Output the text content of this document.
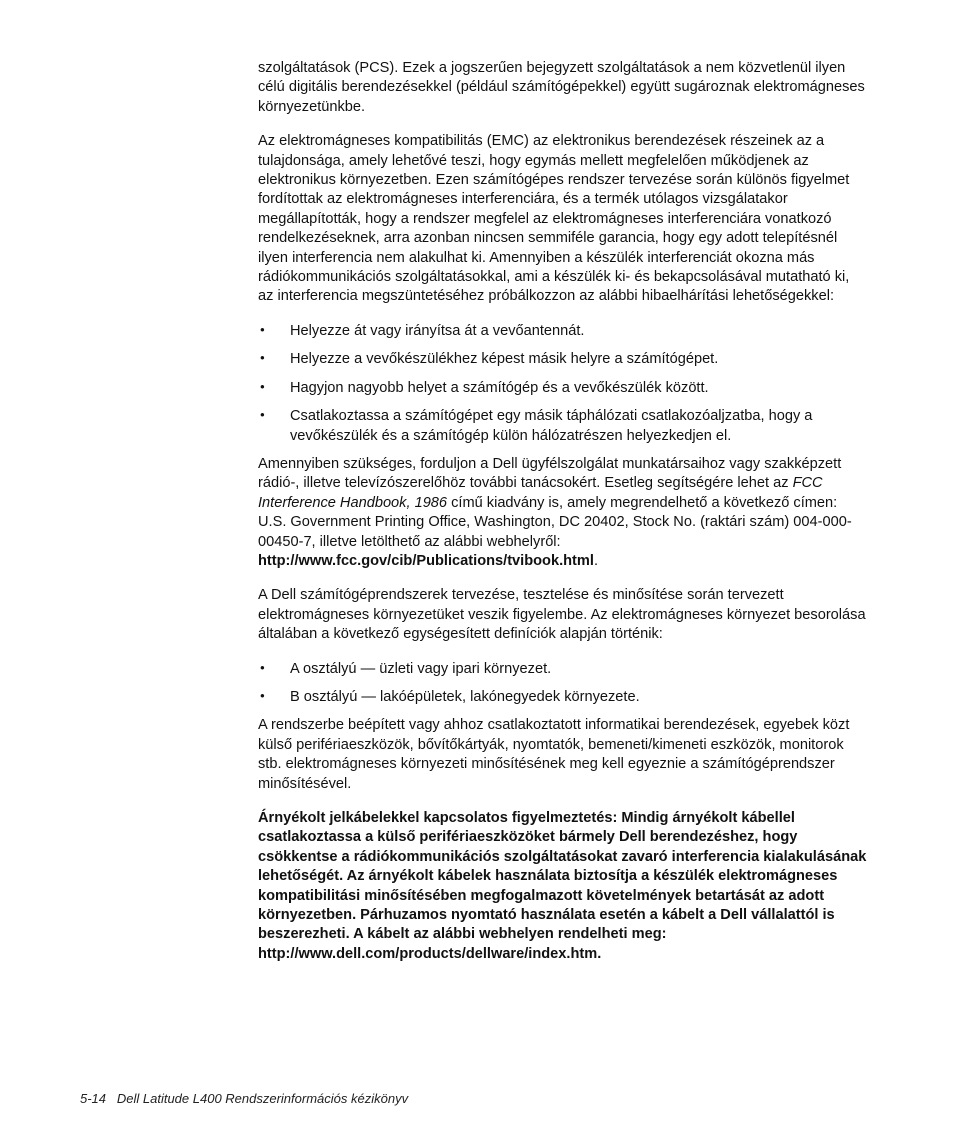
szolgáltatások (PCS). Ezek a jogszerűen bejegyzett szolgáltatások a nem közvetlenül ilyen célú digitális berendezésekkel (például számítógépekkel) együtt sugároznak elektromágneses környezetünkbe.

Az elektromágneses kompatibilitás (EMC) az elektronikus berendezések részeinek az a tulajdonsága, amely lehetővé teszi, hogy egymás mellett megfelelően működjenek az elektronikus környezetben. Ezen számítógépes rendszer tervezése során különös figyelmet fordítottak az elektromágneses interferenciára, és a termék utólagos vizsgálatakor megállapították, hogy a rendszer megfelel az elektromágneses interferenciára vonatkozó rendelkezéseknek, arra azonban nincsen semmiféle garancia, hogy egy adott telepítésnél ilyen interferencia nem alakulhat ki. Amennyiben a készülék interferenciát okozna más rádiókommunikációs szolgáltatásokkal, ami a készülék ki- és bekapcsolásával mutatható ki, az interferencia megszüntetéséhez próbálkozzon az alábbi hibaelhárítási lehetőségekkel:

• Helyezze át vagy irányítsa át a vevőantennát.
• Helyezze a vevőkészülékhez képest másik helyre a számítógépet.
• Hagyjon nagyobb helyet a számítógép és a vevőkészülék között.
• Csatlakoztassa a számítógépet egy másik táphálózati csatlakozóaljzatba, hogy a vevőkészülék és a számítógép külön hálózatrészen helyezkedjen el.

Amennyiben szükséges, forduljon a Dell ügyfélszolgálat munkatársaihoz vagy szakképzett rádió-, illetve televízószerelőhöz további tanácsokért. Esetleg segítségére lehet az FCC Interference Handbook, 1986 című kiadvány is, amely megrendelhető a következő címen: U.S. Government Printing Office, Washington, DC 20402, Stock No. (raktári szám) 004-000-00450-7, illetve letölthető az alábbi webhelyről: http://www.fcc.gov/cib/Publications/tvibook.html.

A Dell számítógéprendszerek tervezése, tesztelése és minősítése során tervezett elektromágneses környezetüket veszik figyelembe. Az elektromágneses környezet besorolása általában a következő egységesített definíciók alapján történik:

• A osztályú — üzleti vagy ipari környezet.
• B osztályú — lakóépületek, lakónegyedek környezete.

A rendszerbe beépített vagy ahhoz csatlakoztatott informatikai berendezések, egyebek közt külső perifériaeszközök, bővítőkártyák, nyomtatók, bemeneti/kimeneti eszközök, monitorok stb. elektromágneses környezeti minősítésének meg kell egyeznie a számítógéprendszer minősítésével.

Árnyékolt jelkábelekkel kapcsolatos figyelmeztetés: Mindig árnyékolt kábellel csatlakoztassa a külső perifériaeszközöket bármely Dell berendezéshez, hogy csökkentse a rádiókommunikációs szolgáltatásokat zavaró interferencia kialakulásának lehetőségét. Az árnyékolt kábelek használata biztosítja a készülék elektromágneses kompatibilitási minősítésében megfogalmazott követelmények betartását az adott környezetben. Párhuzamos nyomtató használata esetén a kábelt a Dell vállalattól is beszerezheti. A kábelt az alábbi webhelyen rendelheti meg: http://www.dell.com/products/dellware/index.htm.

5-14 Dell Latitude L400 Rendszerinformációs kézikönyv
